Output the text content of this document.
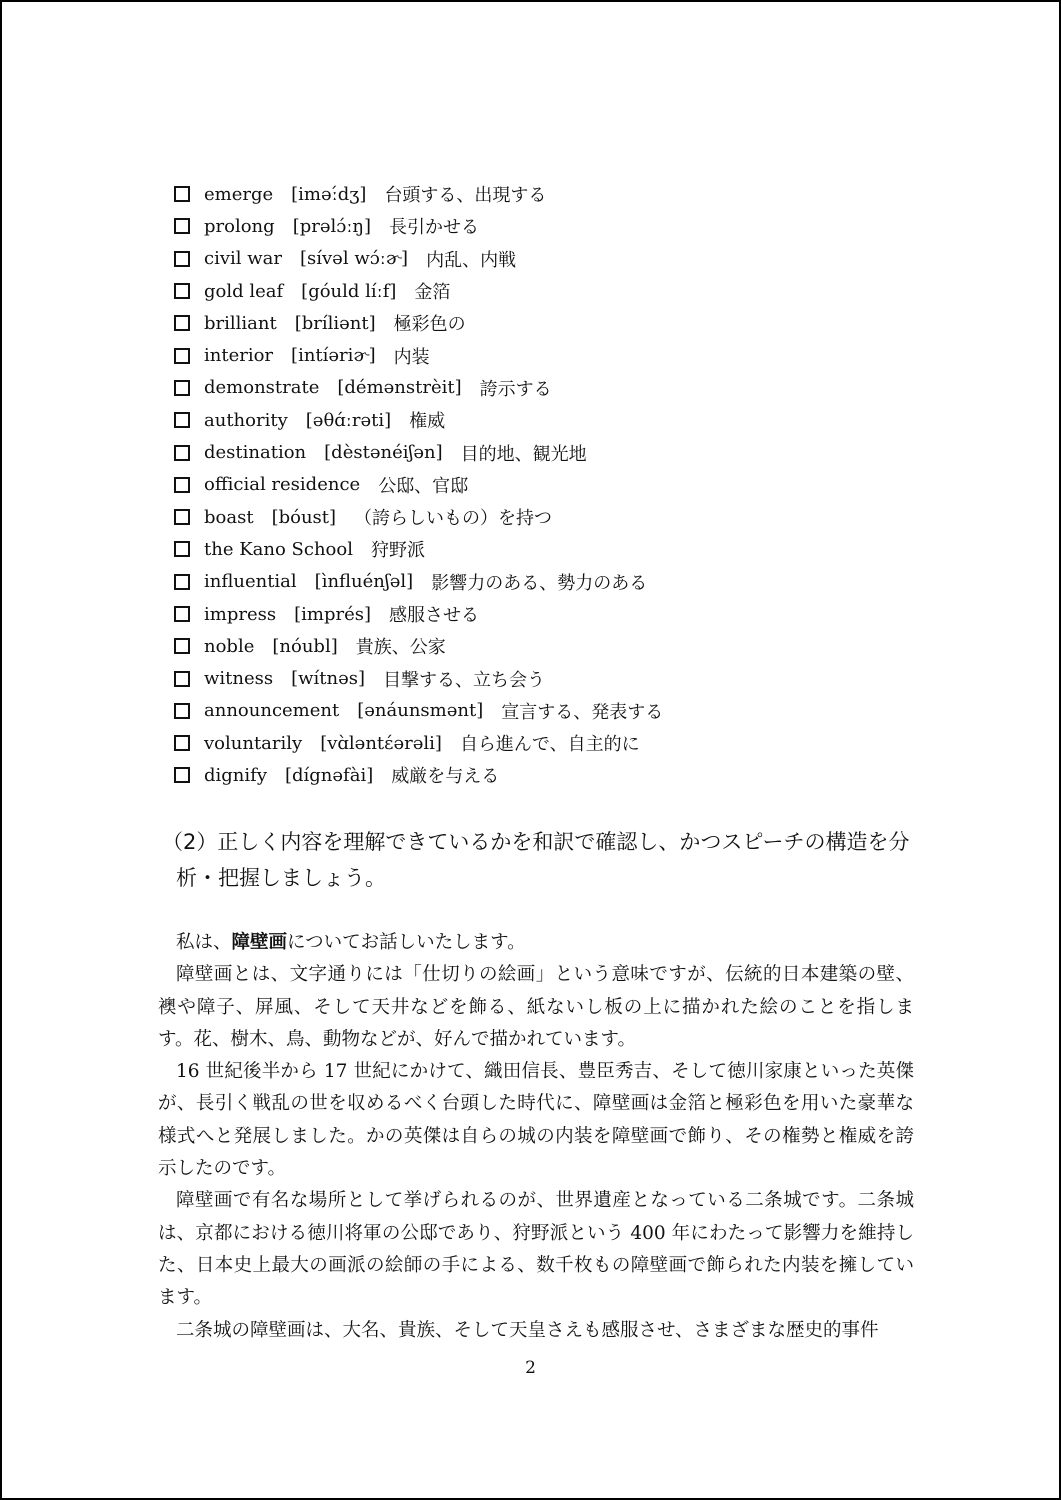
emerge [iməː́dʒ] 台頭する、出現する
prolong [prəlɔ́ːŋ] 長引かせる
civil war [sívəl wɔ́ːɚ] 内乱、内戦
gold leaf [góuld líːf] 金箔
brilliant [bríliənt] 極彩色の
interior [intíəriɚ] 内装
demonstrate [démənstrèit] 誇示する
authority [əθɑ́ːrəti] 権威
destination [dèstənéiʃən] 目的地、観光地
official residence 公邸、官邸
boast [bóust] （誇らしいもの）を持つ
the Kano School 狩野派
influential [ìnfluénʃəl] 影響力のある、勢力のある
impress [imprés] 感服させる
noble [nóubl] 貴族、公家
witness [wítnəs] 目撃する、立ち会う
announcement [ənáunsmənt] 宣言する、発表する
voluntarily [vɑ̀ləntέərəli] 自ら進んで、自主的に
dignify [dígnəfài] 威厳を与える

（2）正しく内容を理解できているかを和訳で確認し、かつスピーチの構造を分
析・把握しましょう。

私は、障壁画についてお話しいたします。

障壁画とは、文字通りには「仕切りの絵画」という意味ですが、伝統的日本建築の壁、襖や障子、屏風、そして天井などを飾る、紙ないし板の上に描かれた絵のことを指します。花、樹木、鳥、動物などが、好んで描かれています。

16 世紀後半から 17 世紀にかけて、織田信長、豊臣秀吉、そして徳川家康といった英傑が、長引く戦乱の世を収めるべく台頭した時代に、障壁画は金箔と極彩色を用いた豪華な様式へと発展しました。かの英傑は自らの城の内装を障壁画で飾り、その権勢と権威を誇示したのです。

障壁画で有名な場所として挙げられるのが、世界遺産となっている二条城です。二条城は、京都における徳川将軍の公邸であり、狩野派という 400 年にわたって影響力を維持した、日本史上最大の画派の絵師の手による、数千枚もの障壁画で飾られた内装を擁しています。

二条城の障壁画は、大名、貴族、そして天皇さえも感服させ、さまざまな歴史的事件

2
